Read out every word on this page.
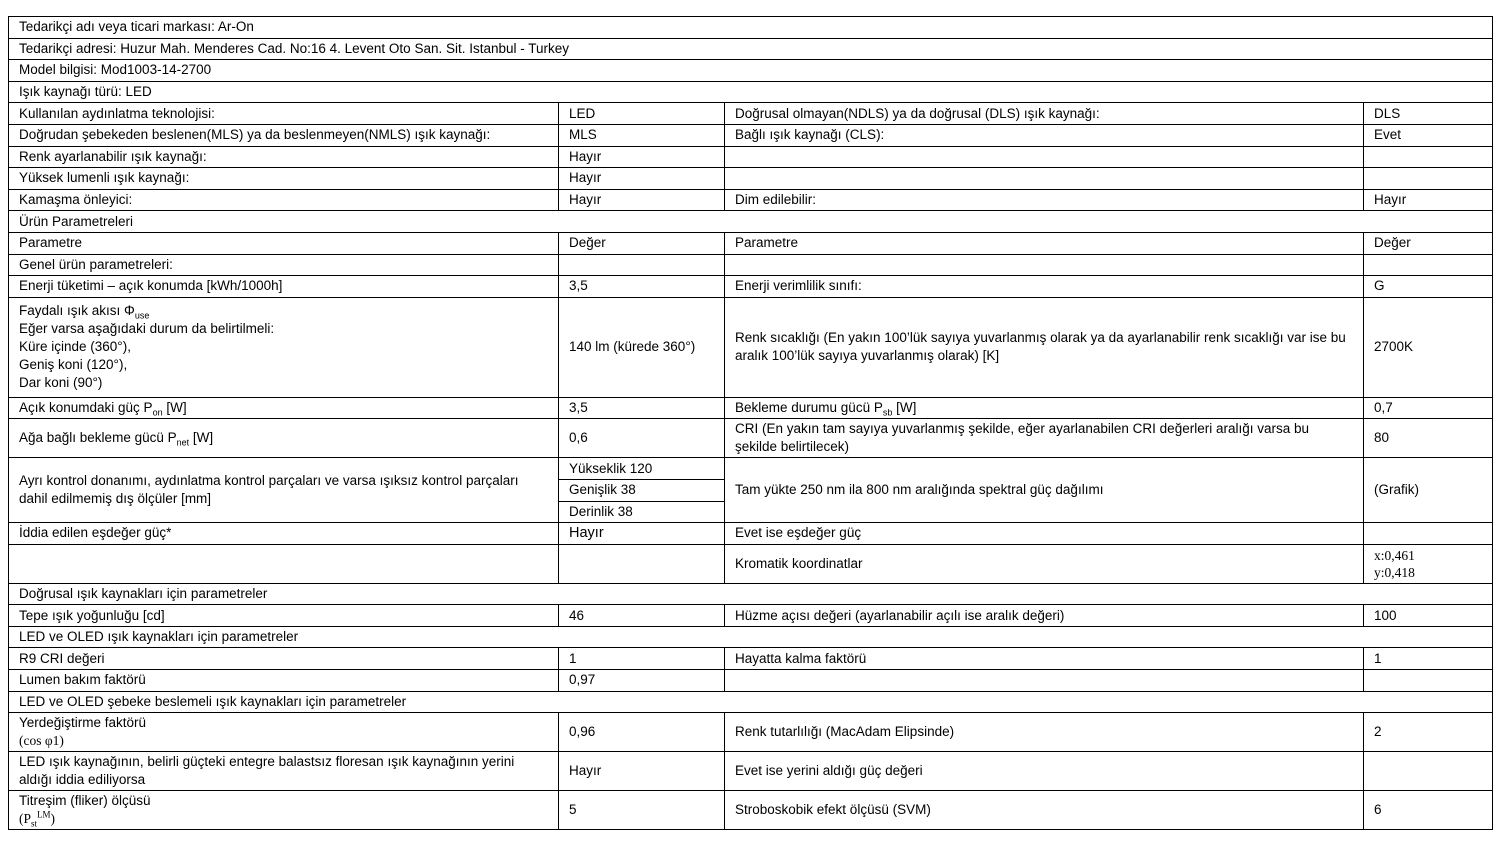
Tedarikçi adı veya ticari markası: Ar-On			
Tedarikçi adresi: Huzur Mah. Menderes Cad. No:16 4. Levent Oto San. Sit. Istanbul - Turkey			
Model bilgisi: Mod1003-14-2700			
Işık kaynağı türü: LED			
Kullanılan aydınlatma teknolojisi:	LED	Doğrusal olmayan(NDLS) ya da doğrusal (DLS) ışık kaynağı:	DLS
Doğrudan şebekeden beslenen(MLS) ya da beslenmeyen(NMLS) ışık kaynağı:	MLS	Bağlı ışık kaynağı (CLS):	Evet
Renk ayarlanabilir ışık kaynağı:	Hayır		
Yüksek lumenli ışık kaynağı:	Hayır		
Kamaşma önleyici:	Hayır	Dim edilebilir:	Hayır
Ürün Parametreleri			
Parametre	Değer	Parametre	Değer
Genel ürün parametreleri:			
Enerji tüketimi – açık konumda [kWh/1000h]	3,5	Enerji verimlilik sınıfı:	G

Faydalı ışık akısı $\Phi_{use}$
Eğer varsa aşağıdaki durum da belirtilmeli:
Küre içinde (360°),
Geniş koni (120°),
Dar koni (90°)	140 lm (kürede 360°)	Renk sıcaklığı (En yakın 100’lük sayıya yuvarlanmış olarak ya da ayarlanabilir renk sıcaklığı var ise bu aralık 100’lük sayıya yuvarlanmış olarak) [K]	2700K
Açık konumdaki güç $P_{on}$ [W]	3,5	Bekleme durumu gücü $P_{sb}$ [W]	0,7
Ağa bağlı bekleme gücü $P_{net}$ [W]	0,6	CRI (En yakın tam sayıya yuvarlanmış şekilde, eğer ayarlanabilen CRI değerleri aralığı varsa bu şekilde belirtilecek)	80
Ayrı kontrol donanımı, aydınlatma kontrol parçaları ve varsa ışıksız kontrol parçaları dahil edilmemiş dış ölçüler [mm]	Yükseklik 120	Tam yükte 250 nm ila 800 nm aralığında spektral güç dağılımı	(Grafik)
	Genişlik 38		
	Derinlik 38		
İddia edilen eşdeğer güç*	Hayır	Evet ise eşdeğer güç	
		Kromatik koordinatlar	x:0,461
y:0,418

Doğrusal ışık kaynakları için parametreler			
Tepe ışık yoğunluğu [cd]	46	Hüzme açısı değeri (ayarlanabilir açılı ise aralık değeri)	100
LED ve OLED ışık kaynakları için parametreler			
R9 CRI değeri	1	Hayatta kalma faktörü	1
Lumen bakım faktörü	0,97		
LED ve OLED şebeke beslemeli ışık kaynakları için parametreler			

Yerdeğiştirme faktörü
(cos φ1)	0,96	Renk tutarlılığı (MacAdam Elipsinde)	2
LED ışık kaynağının, belirli güçteki entegre balastsız floresan ışık kaynağının yerini aldığı iddia ediliyorsa	Hayır	Evet ise yerini aldığı güç değeri	

Titreşim (fliker) ölçüsü
$(P_{st}^{LM})$	5	Stroboskobik efekt ölçüsü (SVM)	6
